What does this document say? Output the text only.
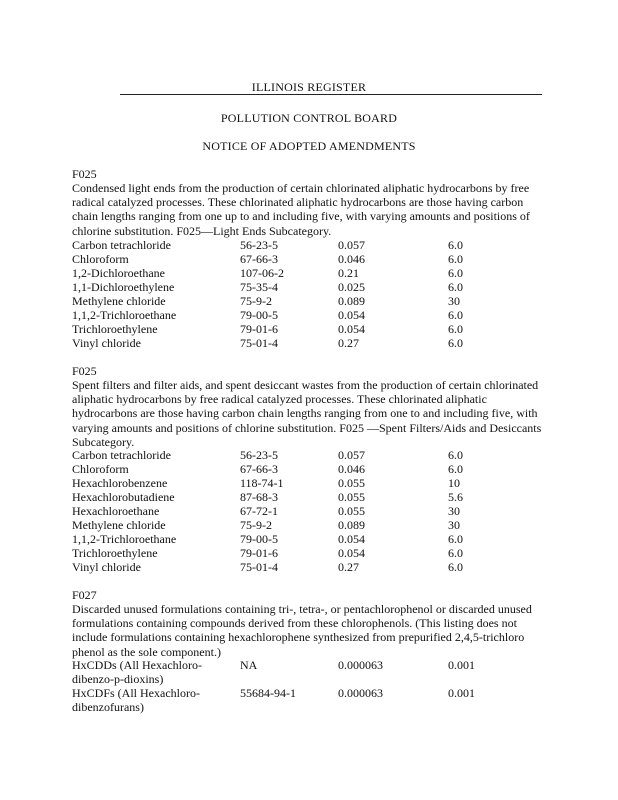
ILLINOIS REGISTER
POLLUTION CONTROL BOARD
NOTICE OF ADOPTED AMENDMENTS
F025
Condensed light ends from the production of certain chlorinated aliphatic hydrocarbons by free radical catalyzed processes. These chlorinated aliphatic hydrocarbons are those having carbon chain lengths ranging from one up to and including five, with varying amounts and positions of chlorine substitution. F025—Light Ends Subcategory.
Carbon tetrachloride	56-23-5	0.057	6.0
Chloroform	67-66-3	0.046	6.0
1,2-Dichloroethane	107-06-2	0.21	6.0
1,1-Dichloroethylene	75-35-4	0.025	6.0
Methylene chloride	75-9-2	0.089	30
1,1,2-Trichloroethane	79-00-5	0.054	6.0
Trichloroethylene	79-01-6	0.054	6.0
Vinyl chloride	75-01-4	0.27	6.0
F025
Spent filters and filter aids, and spent desiccant wastes from the production of certain chlorinated aliphatic hydrocarbons by free radical catalyzed processes. These chlorinated aliphatic hydrocarbons are those having carbon chain lengths ranging from one to and including five, with varying amounts and positions of chlorine substitution. F025 —Spent Filters/Aids and Desiccants Subcategory.
Carbon tetrachloride	56-23-5	0.057	6.0
Chloroform	67-66-3	0.046	6.0
Hexachlorobenzene	118-74-1	0.055	10
Hexachlorobutadiene	87-68-3	0.055	5.6
Hexachloroethane	67-72-1	0.055	30
Methylene chloride	75-9-2	0.089	30
1,1,2-Trichloroethane	79-00-5	0.054	6.0
Trichloroethylene	79-01-6	0.054	6.0
Vinyl chloride	75-01-4	0.27	6.0
F027
Discarded unused formulations containing tri-, tetra-, or pentachlorophenol or discarded unused formulations containing compounds derived from these chlorophenols. (This listing does not include formulations containing hexachlorophene synthesized from prepurified 2,4,5-trichloro phenol as the sole component.)
HxCDDs (All Hexachloro-	NA	0.000063	0.001
dibenzo-p-dioxins)
HxCDFs (All Hexachloro-	55684-94-1	0.000063	0.001
dibenzofurans)
